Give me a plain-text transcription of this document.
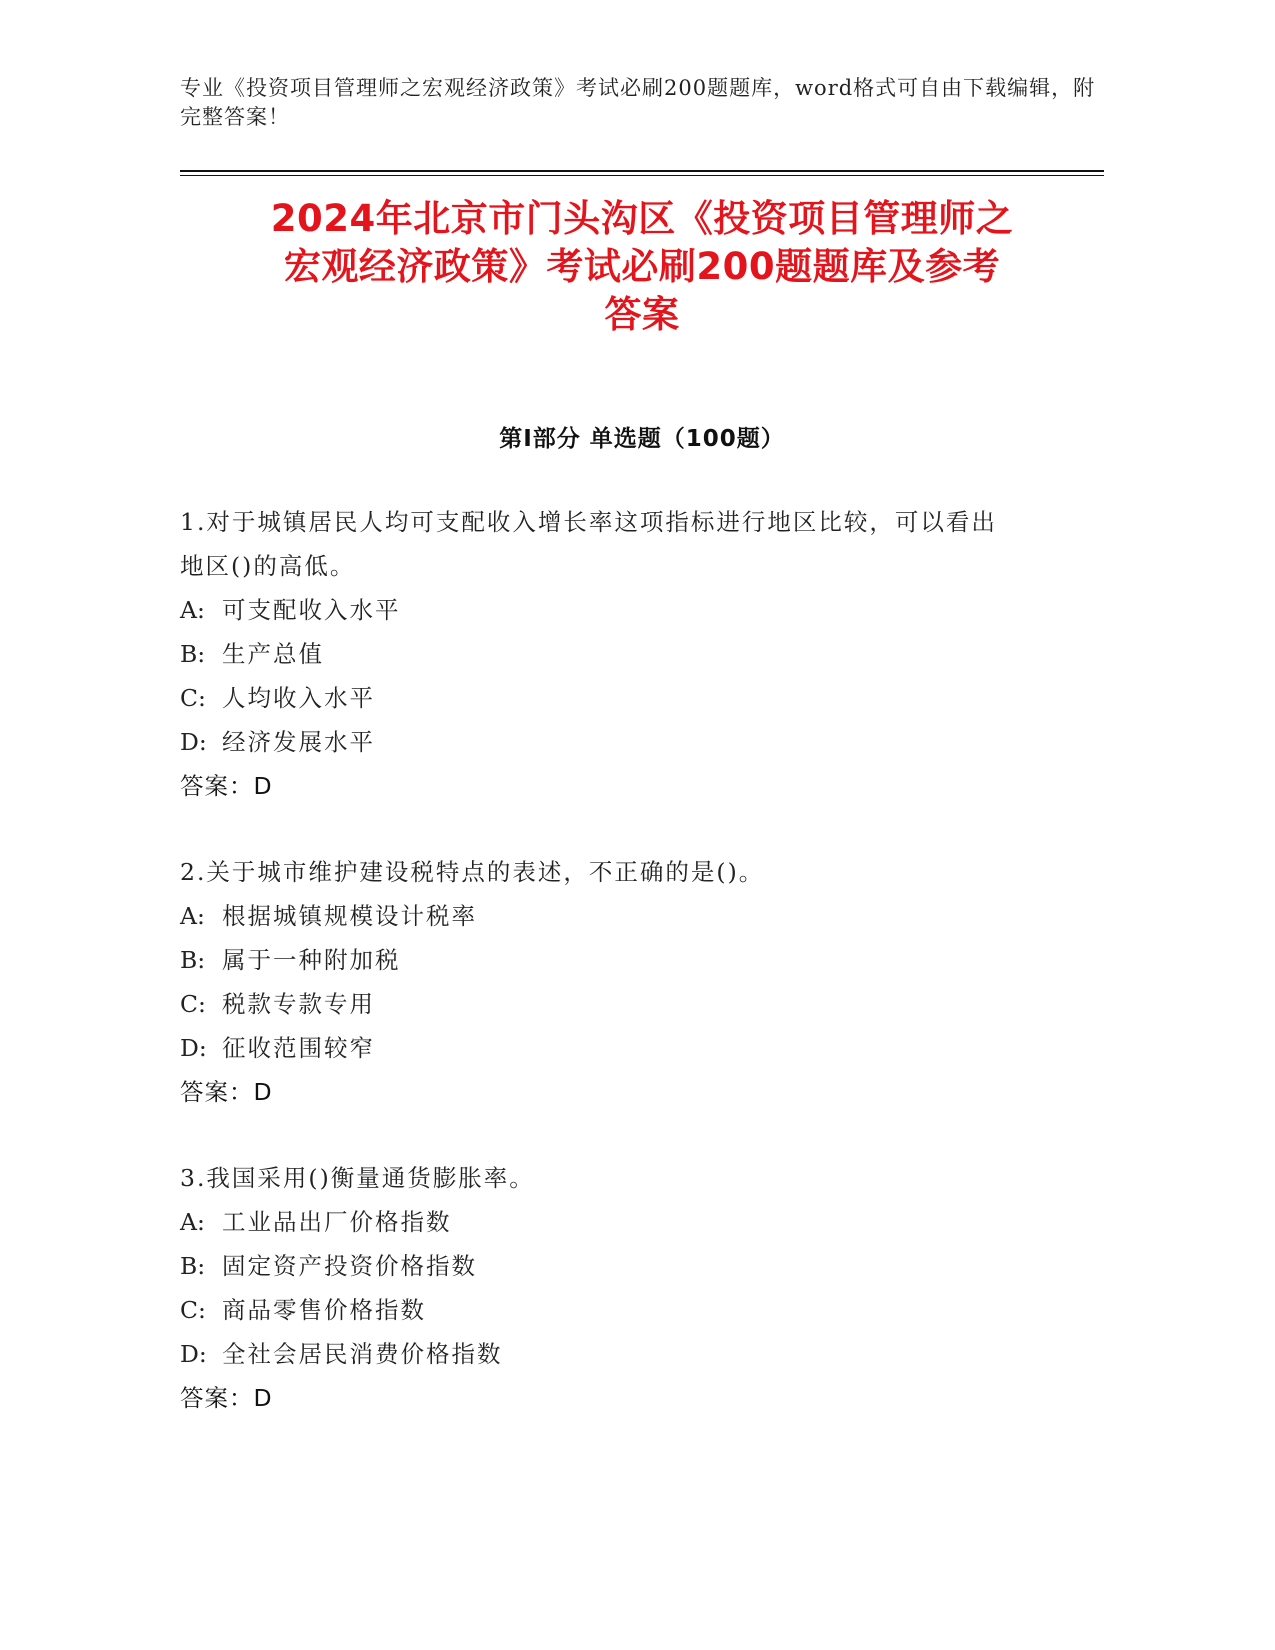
专业《投资项目管理师之宏观经济政策》考试必刷200题题库，word格式可自由下载编辑，附完整答案！
2024年北京市门头沟区《投资项目管理师之
宏观经济政策》考试必刷200题题库及参考
答案
第Ⅰ部分 单选题（100题）
1.对于城镇居民人均可支配收入增长率这项指标进行地区比较，可以看出地区()的高低。
A: 可支配收入水平
B: 生产总值
C: 人均收入水平
D: 经济发展水平
答案：D
2.关于城市维护建设税特点的表述，不正确的是()。
A: 根据城镇规模设计税率
B: 属于一种附加税
C: 税款专款专用
D: 征收范围较窄
答案：D
3.我国采用()衡量通货膨胀率。
A: 工业品出厂价格指数
B: 固定资产投资价格指数
C: 商品零售价格指数
D: 全社会居民消费价格指数
答案：D
